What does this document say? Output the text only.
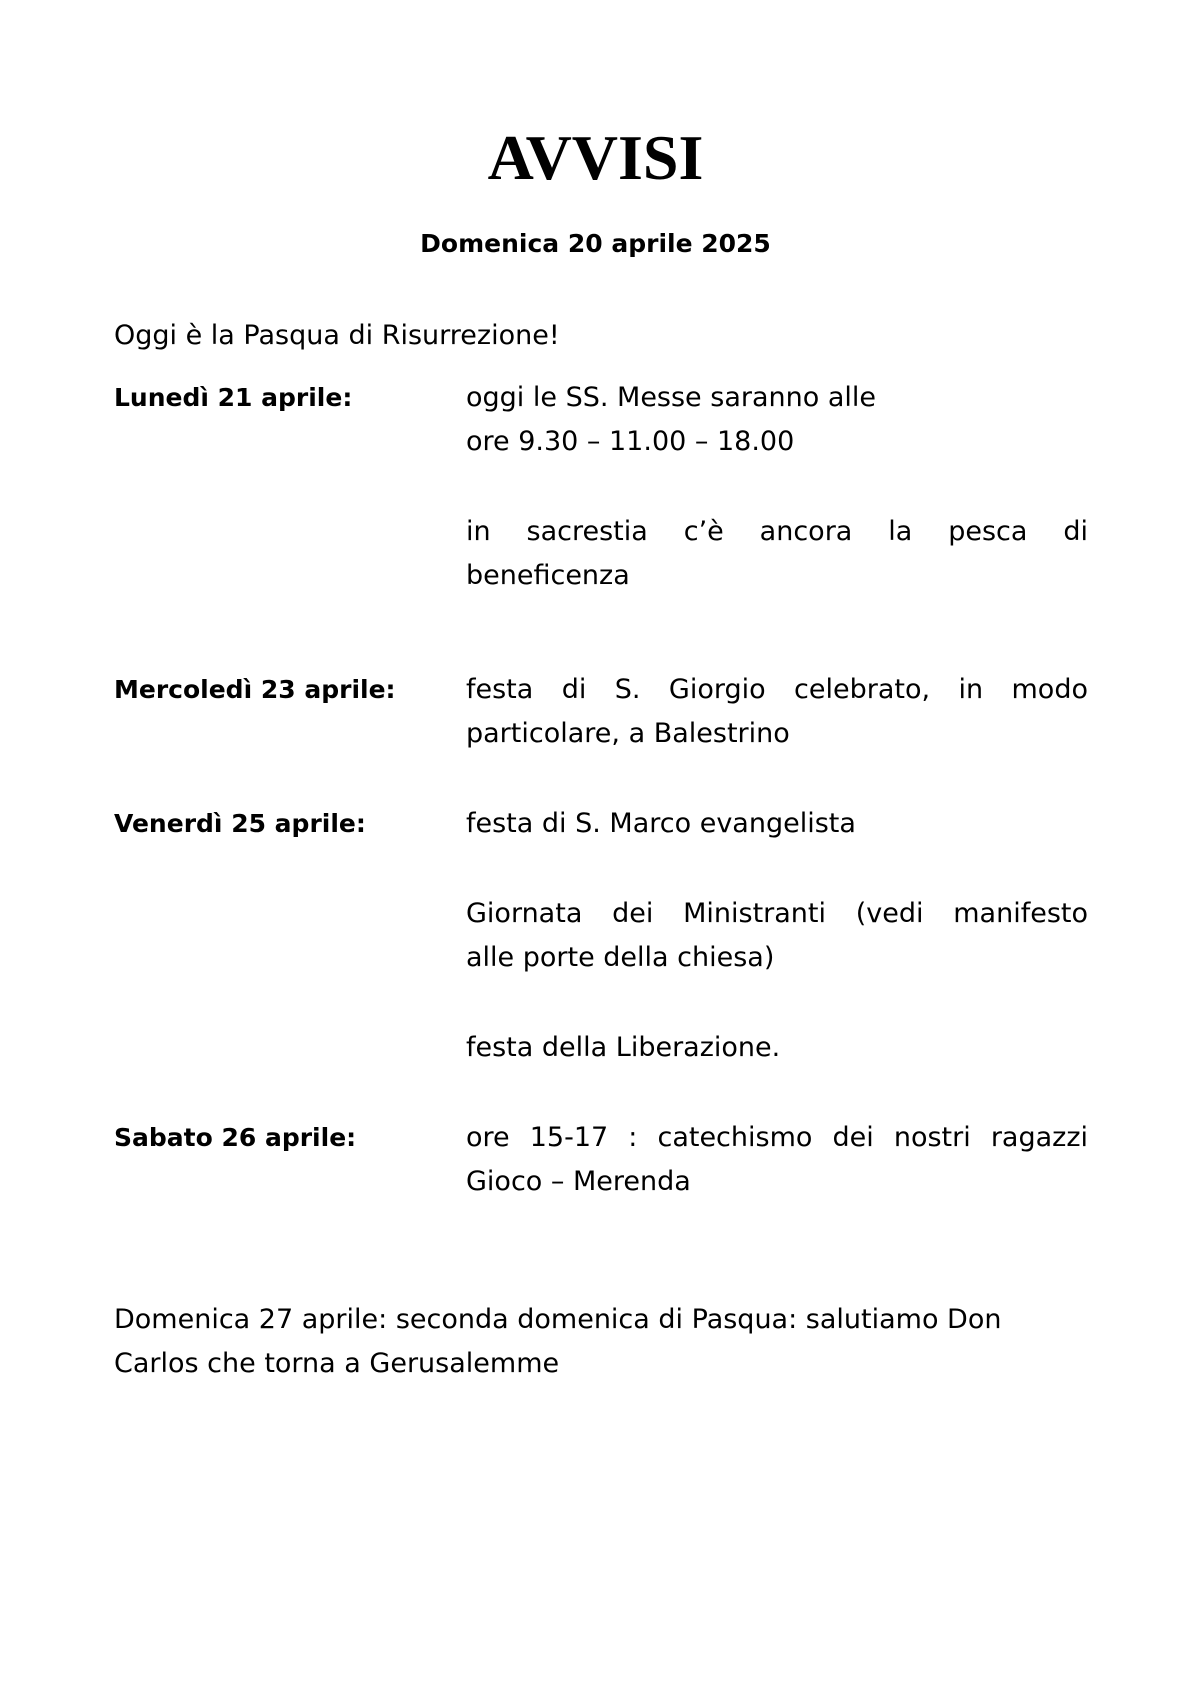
AVVISI
Domenica 20 aprile 2025
Oggi è la Pasqua di Risurrezione!
Lunedì 21 aprile:	oggi le SS. Messe saranno alle
ore 9.30 – 11.00 – 18.00

in sacrestia c’è ancora la pesca di
beneficenza

Mercoledì 23 aprile:	festa di S. Giorgio celebrato, in modo
particolare, a Balestrino

Venerdì 25 aprile:	festa di S. Marco evangelista

Giornata dei Ministranti (vedi manifesto
alle porte della chiesa)

festa della Liberazione.

Sabato 26 aprile:	ore 15-17 : catechismo dei nostri ragazzi
Gioco – Merenda

Domenica 27 aprile: seconda domenica di Pasqua: salutiamo Don
Carlos che torna a Gerusalemme
